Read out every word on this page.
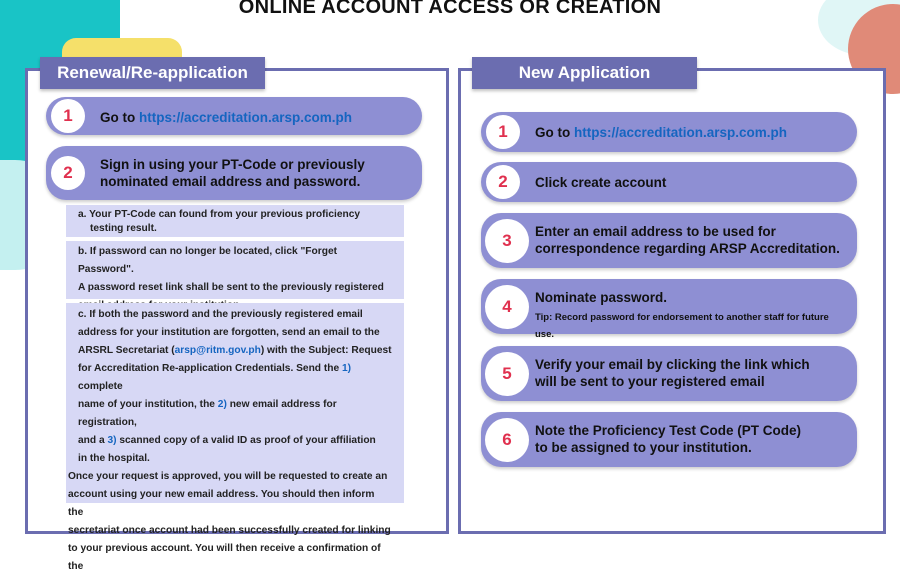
ONLINE ACCOUNT ACCESS OR CREATION
Renewal/Re-application	New Application
1	Go to https://accreditation.arsp.com.ph
2	Sign in using your PT-Code or previously
nominated email address and password.
a. Your PT-Code can found from your previous proficiency
testing result.
b. If password can no longer be located, click "Forget Password".
A password reset link shall be sent to the previously registered
c. If both the password and the previously registered email
address for your institution are forgotten, send an email to the
ARSRL Secretariat (arsp@ritm.gov.ph) with the Subject: Request
for Accreditation Re-application Credentials. Send the 1) complete
name of your institution, the 2) new email address for registration,
and a 3) scanned copy of a valid ID as proof of your affiliation
in the hospital.
Once your request is approved, you will be requested to create an
account using your new email address. You should then inform the
secretariat once account had been successfully created for linking
to your previous account. You will then receive a confirmation of the
1	Go to https://accreditation.arsp.com.ph
2	Click create account
3	Enter an email address to be used for
correspondence regarding ARSP Accreditation.
4	Nominate password.
Tip: Record password for endorsement to another staff for future use.
5	Verify your email by clicking the link which
will be sent to your registered email
6	Note the Proficiency Test Code (PT Code)
to be assigned to your institution.
